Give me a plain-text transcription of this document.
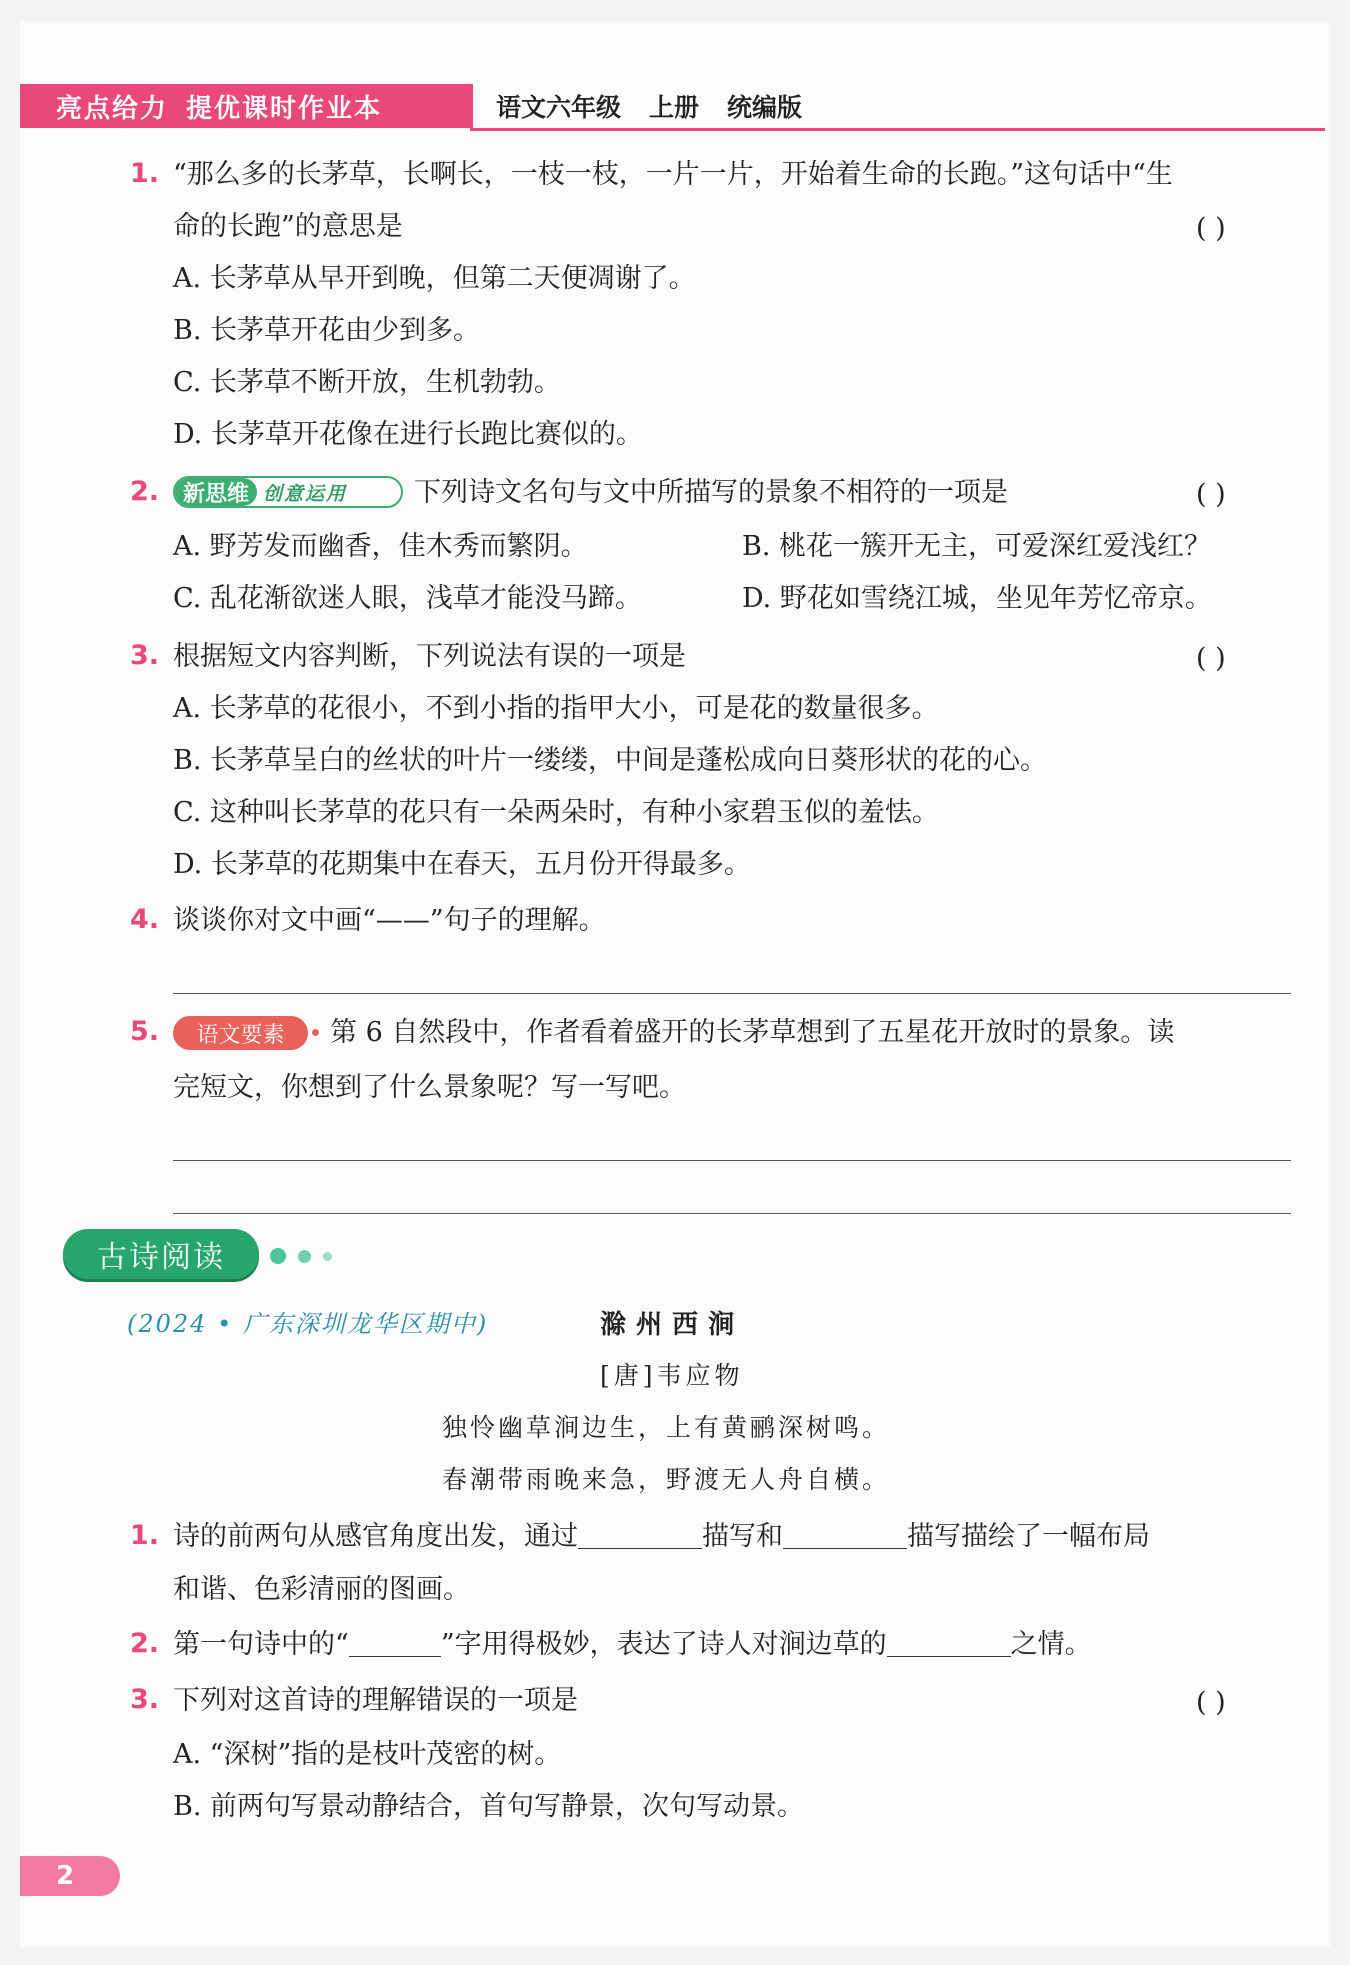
亮点给力 提优课时作业本	语文六年级 上册 统编版
1. “那么多的长茅草，长啊长，一枝一枝，一片一片，开始着生命的长跑。”这句话中“生
命的长跑”的意思是	( )
A. 长茅草从早开到晚，但第二天便凋谢了。
B. 长茅草开花由少到多。
C. 长茅草不断开放，生机勃勃。
D. 长茅草开花像在进行长跑比赛似的。
2.	新思维 创意运用 下列诗文名句与文中所描写的景象不相符的一项是	( )
A. 野芳发而幽香，佳木秀而繁阴。	B. 桃花一簇开无主，可爱深红爱浅红？
C. 乱花渐欲迷人眼，浅草才能没马蹄。	D. 野花如雪绕江城，坐见年芳忆帝京。
3. 根据短文内容判断，下列说法有误的一项是	( )
A. 长茅草的花很小，不到小指的指甲大小，可是花的数量很多。
B. 长茅草呈白的丝状的叶片一缕缕，中间是蓬松成向日葵形状的花的心。
C. 这种叫长茅草的花只有一朵两朵时，有种小家碧玉似的羞怯。
D. 长茅草的花期集中在春天，五月份开得最多。
4. 谈谈你对文中画“——”句子的理解。
5.	语文要素	第 6 自然段中，作者看着盛开的长茅草想到了五星花开放时的景象。读
完短文，你想到了什么景象呢？写一写吧。
古诗阅读
(2024 • 广东深圳龙华区期中)	滁州西涧
[唐]韦应物
独怜幽草涧边生，上有黄鹂深树鸣。
春潮带雨晚来急，野渡无人舟自横。
1. 诗的前两句从感官角度出发，通过	描写和	描写描绘了一幅布局
和谐、色彩清丽的图画。
2. 第一句诗中的“	”字用得极妙，表达了诗人对涧边草的	之情。
3. 下列对这首诗的理解错误的一项是	( )
A. “深树”指的是枝叶茂密的树。
B. 前两句写景动静结合，首句写静景，次句写动景。
2
